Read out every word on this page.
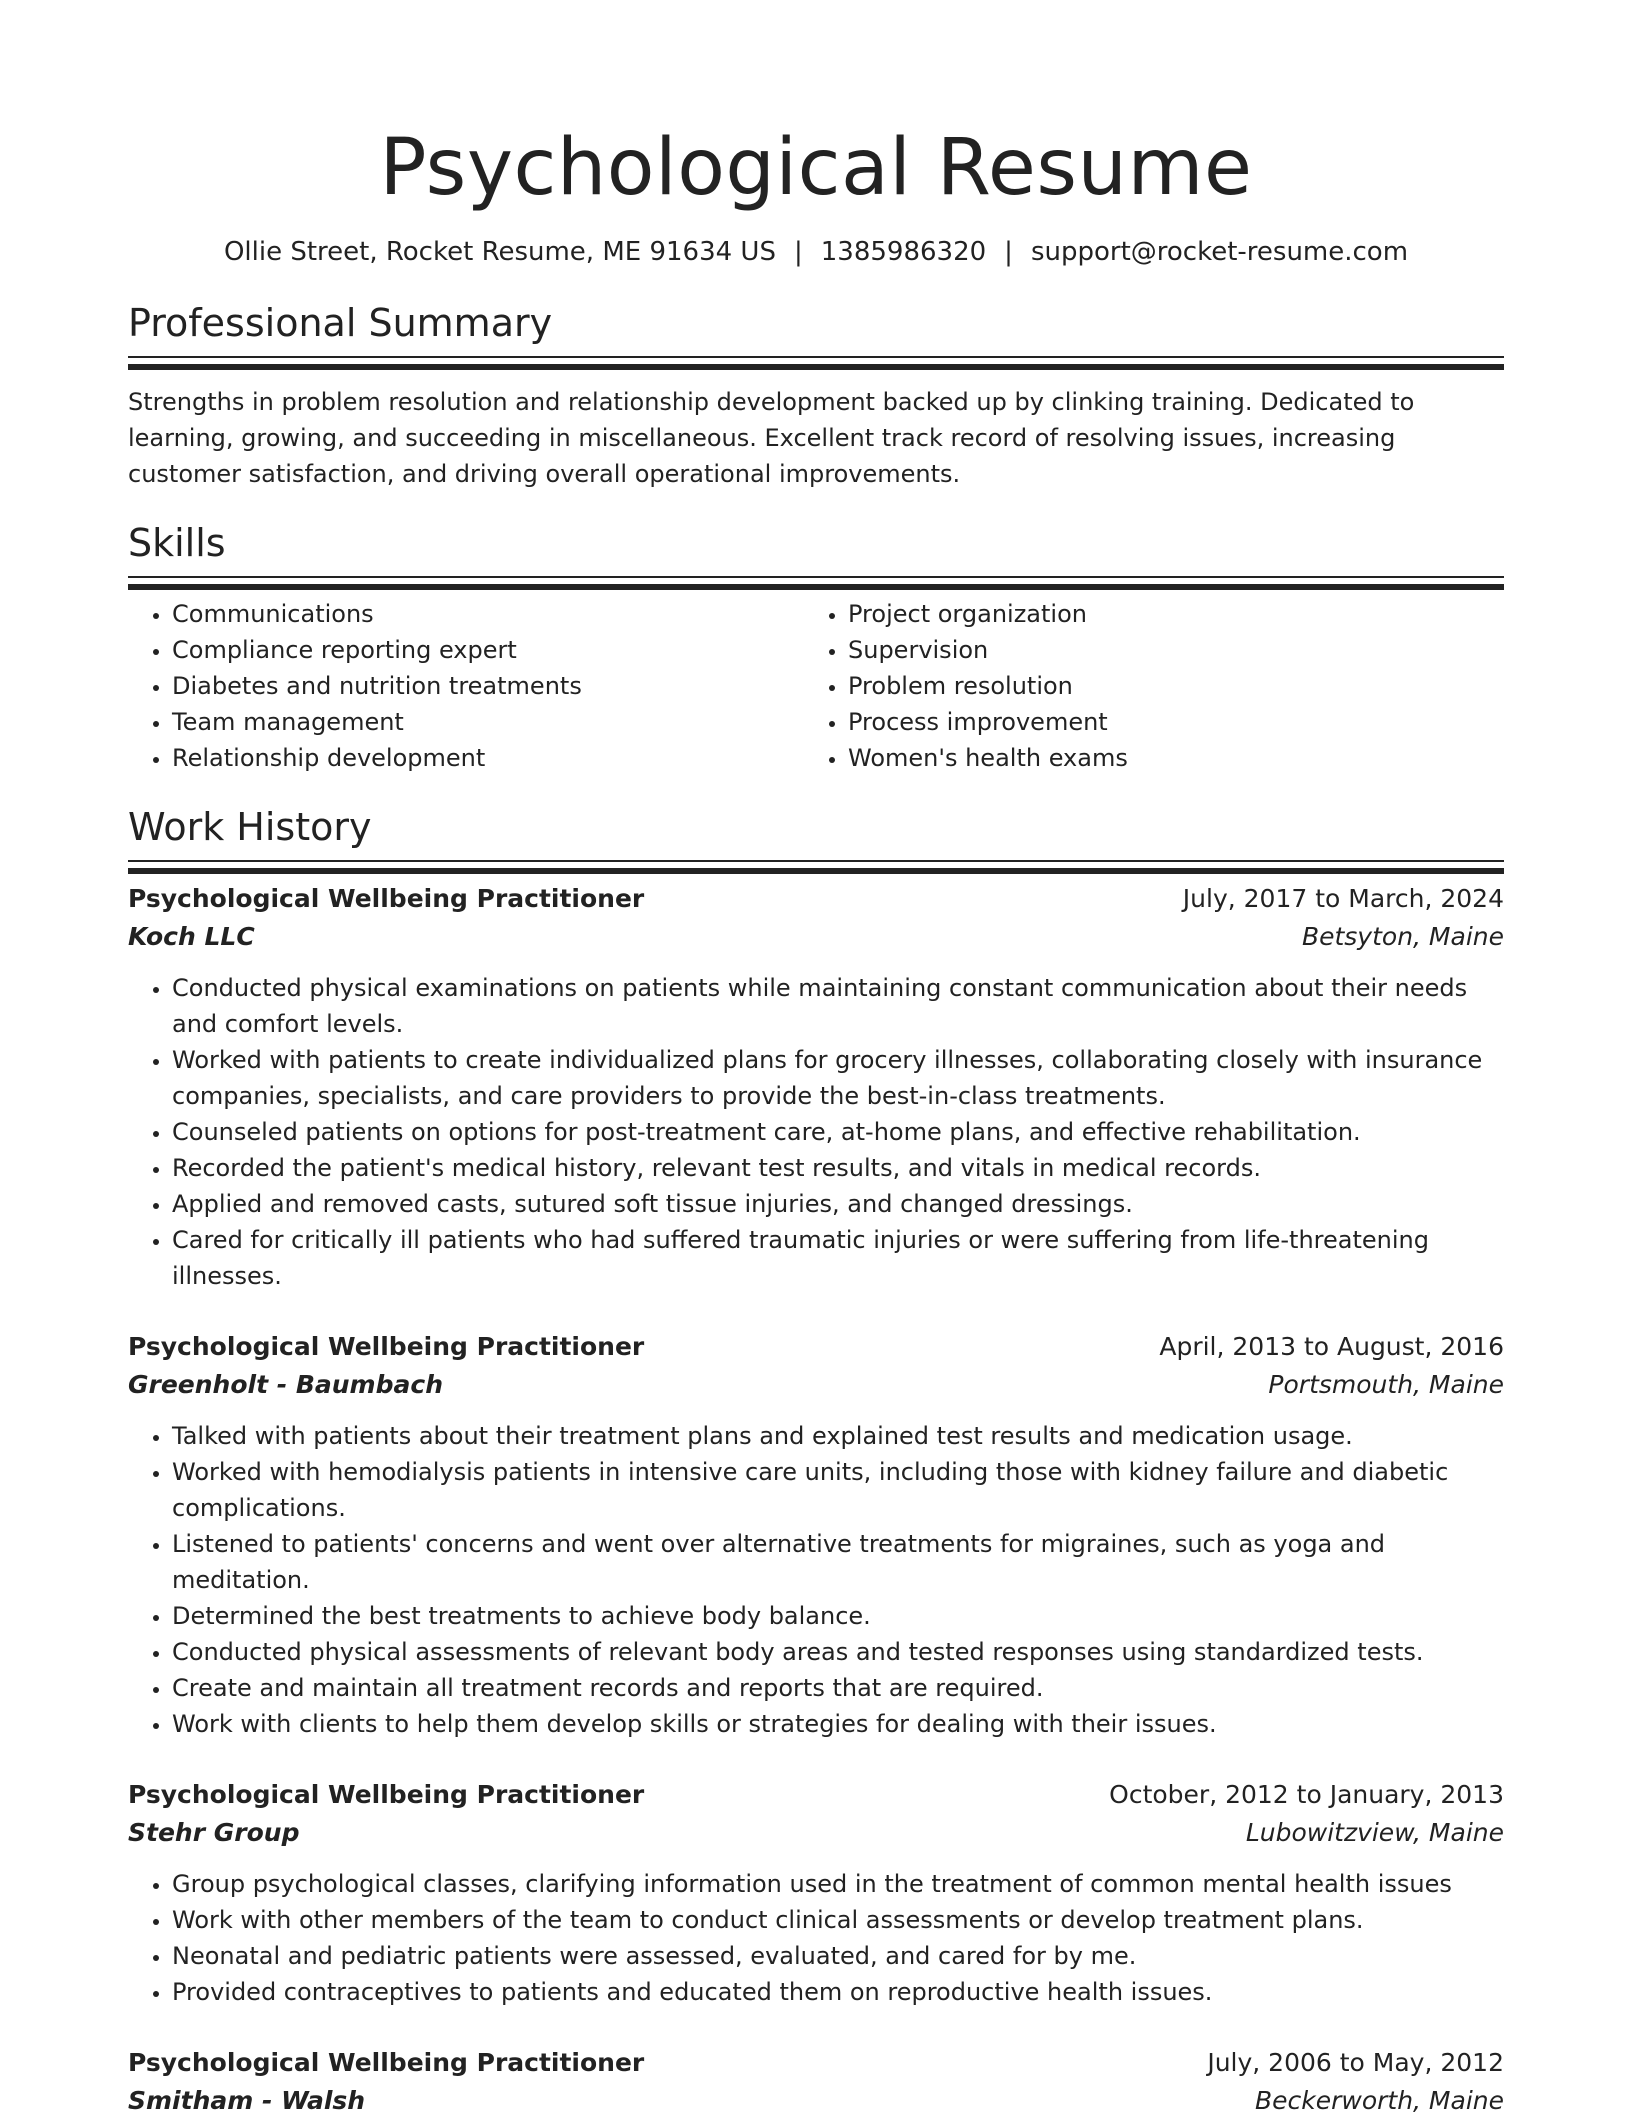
Psychological Resume
Ollie Street, Rocket Resume, ME 91634 US | 1385986320 | support@rocket-resume.com
Professional Summary

Strengths in problem resolution and relationship development backed up by clinking training. Dedicated to learning, growing, and succeeding in miscellaneous. Excellent track record of resolving issues, increasing customer satisfaction, and driving overall operational improvements.

Skills
• Communications
• Compliance reporting expert
• Diabetes and nutrition treatments
• Team management
• Relationship development
• Project organization
• Supervision
• Problem resolution
• Process improvement
• Women's health exams
Work History
Psychological Wellbeing Practitioner	July, 2017 to March, 2024
Koch LLC	Betsyton, Maine
• Conducted physical examinations on patients while maintaining constant communication about their needs and comfort levels.
• Worked with patients to create individualized plans for grocery illnesses, collaborating closely with insurance companies, specialists, and care providers to provide the best-in-class treatments.
• Counseled patients on options for post-treatment care, at-home plans, and effective rehabilitation.
• Recorded the patient's medical history, relevant test results, and vitals in medical records.
• Applied and removed casts, sutured soft tissue injuries, and changed dressings.
• Cared for critically ill patients who had suffered traumatic injuries or were suffering from life-threatening illnesses.
Psychological Wellbeing Practitioner	April, 2013 to August, 2016
Greenholt - Baumbach	Portsmouth, Maine
• Talked with patients about their treatment plans and explained test results and medication usage.
• Worked with hemodialysis patients in intensive care units, including those with kidney failure and diabetic complications.
• Listened to patients' concerns and went over alternative treatments for migraines, such as yoga and meditation.
• Determined the best treatments to achieve body balance.
• Conducted physical assessments of relevant body areas and tested responses using standardized tests.
• Create and maintain all treatment records and reports that are required.
• Work with clients to help them develop skills or strategies for dealing with their issues.
Psychological Wellbeing Practitioner	October, 2012 to January, 2013
Stehr Group	Lubowitzview, Maine
• Group psychological classes, clarifying information used in the treatment of common mental health issues
• Work with other members of the team to conduct clinical assessments or develop treatment plans.
• Neonatal and pediatric patients were assessed, evaluated, and cared for by me.
• Provided contraceptives to patients and educated them on reproductive health issues.
Psychological Wellbeing Practitioner	July, 2006 to May, 2012
Smitham - Walsh	Beckerworth, Maine
